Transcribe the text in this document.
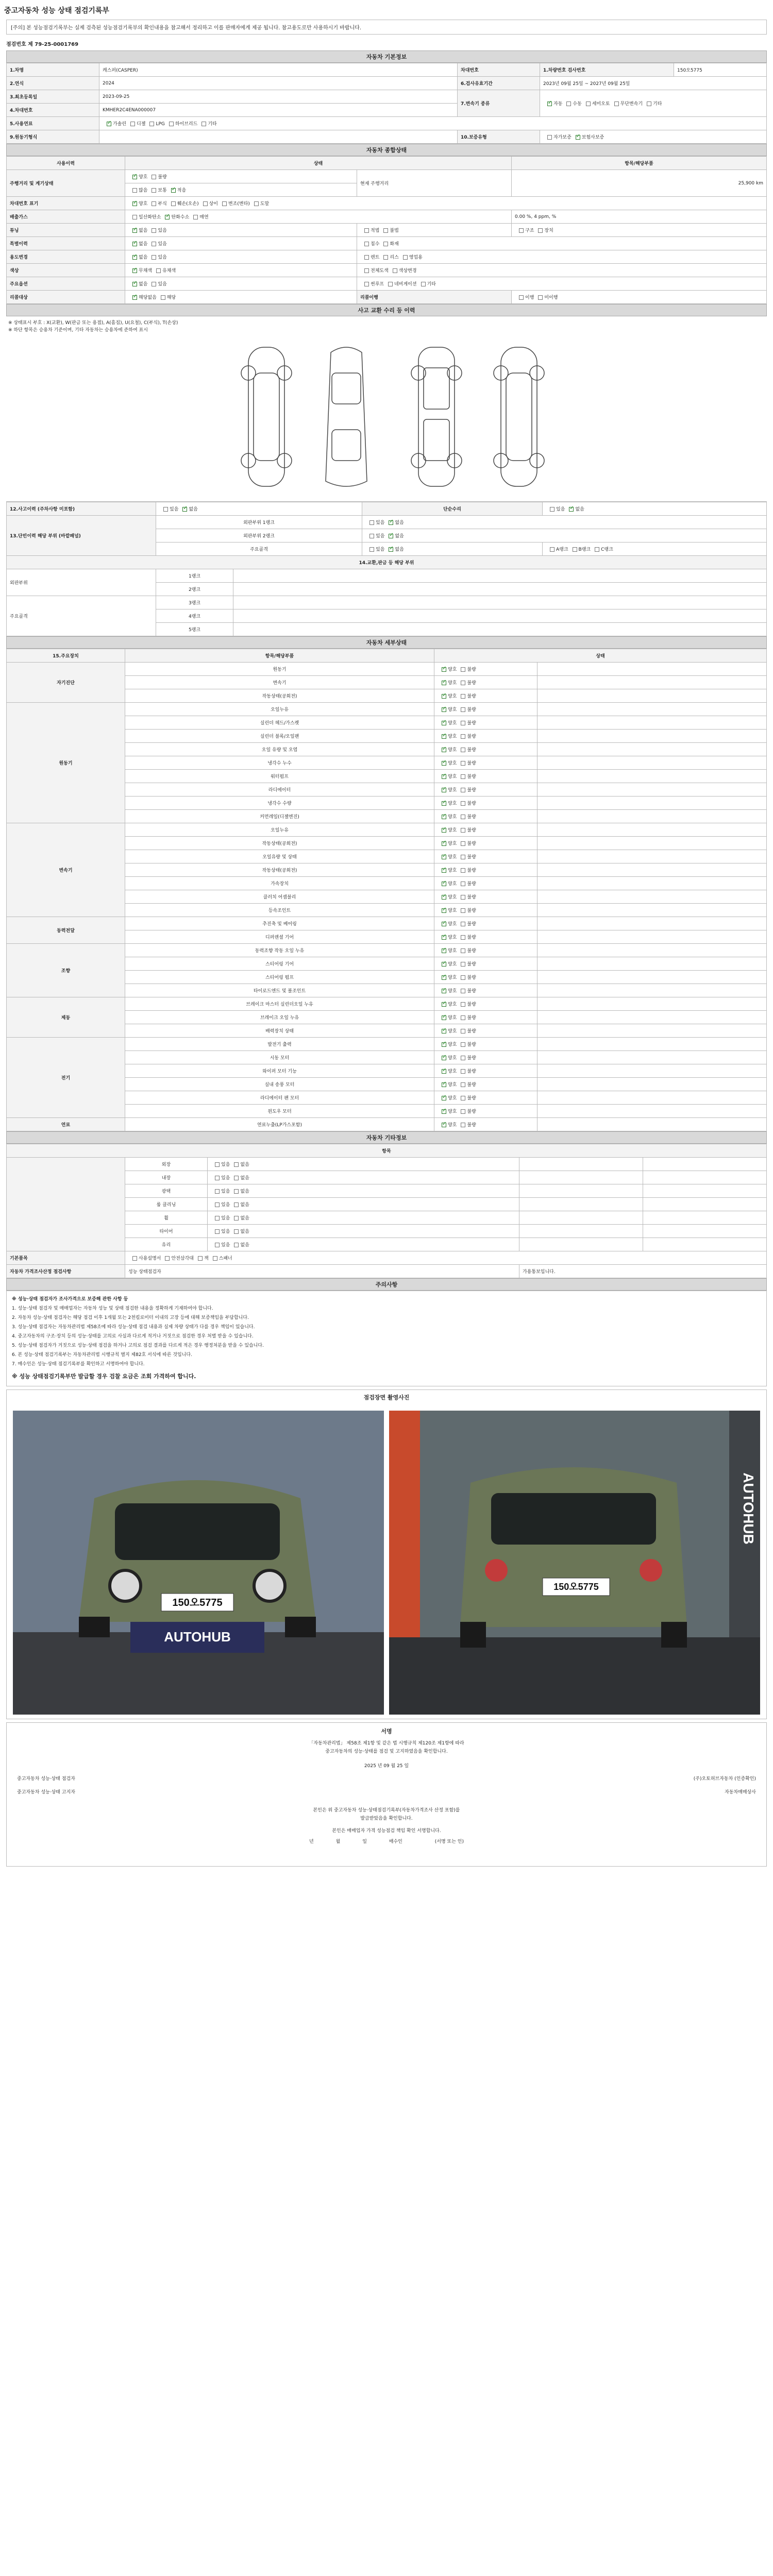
중고자동차 성능 상태 점검기록부
[주의] 본 성능점검기록부는 실제 검측된 성능점검기록부의 확인내용을 참고해서 정리하고 이를 판매자에게 제공 됩니다. 참고용도로만 사용하시기 바랍니다.
점검번호 제 79-25-0001769
자동차 기본정보
1.차명	캐스퍼(CASPER)	차대번호	1.차량번호 검사번호	150오5775
2.연식	2024	6.검사유효기간	2023년 09월 25일 ~ 2027년 09월 25일	
3.최초등록일	2023-09-25	7.변속기 종류	✓자동 수동 세미오토 무단변속기 기타
4.차대번호	KMHER2C4ENA000007			
5.사용연료	✓가솔린 디젤 LPG 하이브리드 기타
9.원동기형식		10.보증유형	자가보증 ✓ 보험사보증
자동차 종합상태
사용이력	상태		항목/해당부품
주행거리 및 계기상태	✓양호 불량	현재 주행거리	25,900 km
	많음 보통 ✓ 적음
차대번호 표기	✓양호 부식 훼손(오손) 상이 변조(변타) 도말
배출가스	일산화탄소 ✓ 탄화수소 매연		0.00 %, 4 ppm, %
튜닝	✓없음 있음	적법 불법	구조 장치
특별이력	✓없음 있음	침수 화재	
용도변경	✓없음 있음	렌트 리스 영업용	
색상	✓무채색 유채색	전체도색 색상변경	
주요옵션	✓없음 있음	썬루프 네비게이션 기타	
리콜대상	✓해당없음 해당	리콜이행	이행 미이행
사고 교환 수리 등 이력
※ 상태표시 부호 : X(교환), W(판금 또는 용접), A(흠집), U(요철), C(부식), T(손상)
※ 하단 항목은 승용차 기준이며, 기타 자동차는 승용차에 준하여 표시
12.사고이력 (주차사항 미포함)	있음 ✓ 없음		단순수리	있음 ✓ 없음
13.단빈이력 해당 부위 (바깥패널)	외판부위 1랭크		있음 ✓ 없음
	외판부위 2랭크		있음 ✓ 없음
	주요골격		있음 ✓ 없음	A랭크 B랭크 C랭크
14.교환,판금 등 해당 부위				
외판부위	1랭크			
	2랭크			
주요골격	3랭크			
	4랭크			
	5랭크			
자동차 세부상태
15.주요장치	항목/해당부품	상태	
자기진단	원동기	✓양호 불량	
	변속기	✓양호 불량	
	작동상태(공회전)	✓양호 불량	
원동기	오일누유	✓양호 불량	
	실린더 헤드/가스켓	✓양호 불량	
	실린더 블록/오일팬	✓양호 불량	
	오일 유량 및 오염	✓양호 불량	
	냉각수 누수	✓양호 불량	
	워터펌프	✓양호 불량	
	라디에이터	✓양호 불량	
	냉각수 수량	✓양호 불량	
	커먼레일(디젤엔진)	✓양호 불량	
변속기	오일누유	✓양호 불량	
	작동상태(공회전)	✓양호 불량	
	오일유량 및 상태	✓양호 불량	
	작동상태(공회전)	✓양호 불량	
	가속장치	✓양호 불량	
	클러치 어셈블리	✓양호 불량	
	등속조인트	✓양호 불량	
동력전달	추진축 및 베어링	✓양호 불량	
	디퍼렌셜 기어	✓양호 불량	
조향	동력조향 작동 오일 누유	✓양호 불량	
	스티어링 기어	✓양호 불량	
	스티어링 펌프	✓양호 불량	
	타이로드엔드 및 볼조인트	✓양호 불량	
제동	브레이크 마스터 실린더오일 누유	✓양호 불량	
	브레이크 오일 누유	✓양호 불량	
	배력장치 상태	✓양호 불량	
전기	발전기 출력	✓양호 불량	
	시동 모터	✓양호 불량	
	와이퍼 모터 기능	✓양호 불량	
	실내 송풍 모터	✓양호 불량	
	라디에이터 팬 모터	✓양호 불량	
	윈도우 모터	✓양호 불량	
연료	연료누출(LP가스포함)	✓양호 불량	
자동차 기타정보
항목				
	외장	있음 없음		
	내장	있음 없음		
	광택	있음 없음		
	룸 클리닝	있음 없음		
	휠	있음 없음		
	타이어	있음 없음		
	유리	있음 없음		
기본품목	사용설명서 안전삼각대 잭 스패너			
자동차 가격조사산정 점검사항	성능 상태점검자		가용통보입니다.	
주의사항

※ 성능·상태 점검자가 조사가격으로 보증해 관한 사항 등

1. 성능·상태 점검자 및 매매업자는 자동차 성능 및 상태 점검한 내용을 정확하게 기재하여야 합니다.

2. 자동차 성능·상태 점검자는 해당 점검 이후 1개월 또는 2천킬로미터 이내의 고장 등에 대해 보증책임을 부담합니다.

3. 성능·상태 점검자는 자동차관리법 제58조에 따라 성능·상태 점검 내용과 실제 차량 상태가 다를 경우 책임이 있습니다.

4. 중고자동차의 구조·장치 등의 성능·상태를 고의로 사실과 다르게 적거나 거짓으로 점검한 경우 처벌 받을 수 있습니다.

5. 성능·상태 점검자가 거짓으로 성능·상태 점검을 하거나 고의로 점검 결과를 다르게 적은 경우 행정처분을 받을 수 있습니다.

6. 본 성능·상태 점검기록부는 자동차관리법 시행규칙 별지 제82호 서식에 따른 것입니다.

7. 매수인은 성능·상태 점검기록부를 확인하고 서명하여야 합니다.

※ 성능 상태점검기록부만 발급할 경우 검찰 요금은 조회 가격하여 합니다.

점검장면 촬영사진
AUTOHUB
150오5775
150오5775
AUTOHUB
서명
「자동차관리법」 제58조 제1항 및 같은 법 시행규칙 제120조 제1항에 따라
중고자동차의 성능·상태를 점검 및 고지하였음을 확인합니다.
2025 년 09 월 25 일
중고자동차 성능·상태 점검자	(주)오토허브자동차 (인증확인)
중고자동차 성능·상태 고지자	자동차매매상사
본인은 위 중고자동차 성능·상태점검기록부(자동차가격조사 산정 포함)를
발급받았음을 확인합니다.
본인은 매매업자 가격 성능점검 책임 확인 서명합니다.
년	월	일	매수인	(서명 또는 인)
